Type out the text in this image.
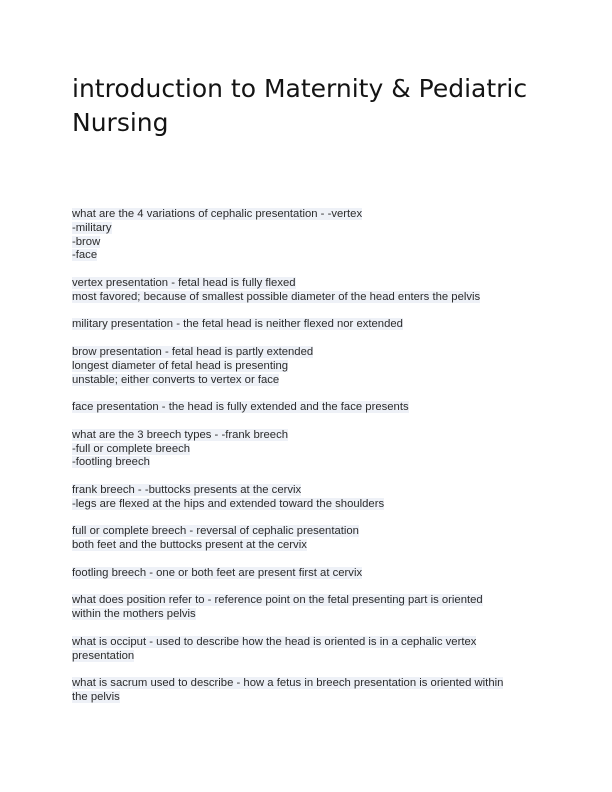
introduction to Maternity & Pediatric Nursing
what are the 4 variations of cephalic presentation - -vertex
-military
-brow
-face
vertex presentation - fetal head is fully flexed
most favored; because of smallest possible diameter of the head enters the pelvis
military presentation - the fetal head is neither flexed nor extended
brow presentation - fetal head is partly extended
longest diameter of fetal head is presenting
unstable; either converts to vertex or face
face presentation - the head is fully extended and the face presents
what are the 3 breech types - -frank breech
-full or complete breech
-footling breech
frank breech - -buttocks presents at the cervix
-legs are flexed at the hips and extended toward the shoulders
full or complete breech - reversal of cephalic presentation
both feet and the buttocks present at the cervix
footling breech - one or both feet are present first at cervix
what does position refer to - reference point on the fetal presenting part is oriented
within the mothers pelvis
what is occiput - used to describe how the head is oriented is in a cephalic vertex
presentation
what is sacrum used to describe - how a fetus in breech presentation is oriented within
the pelvis
